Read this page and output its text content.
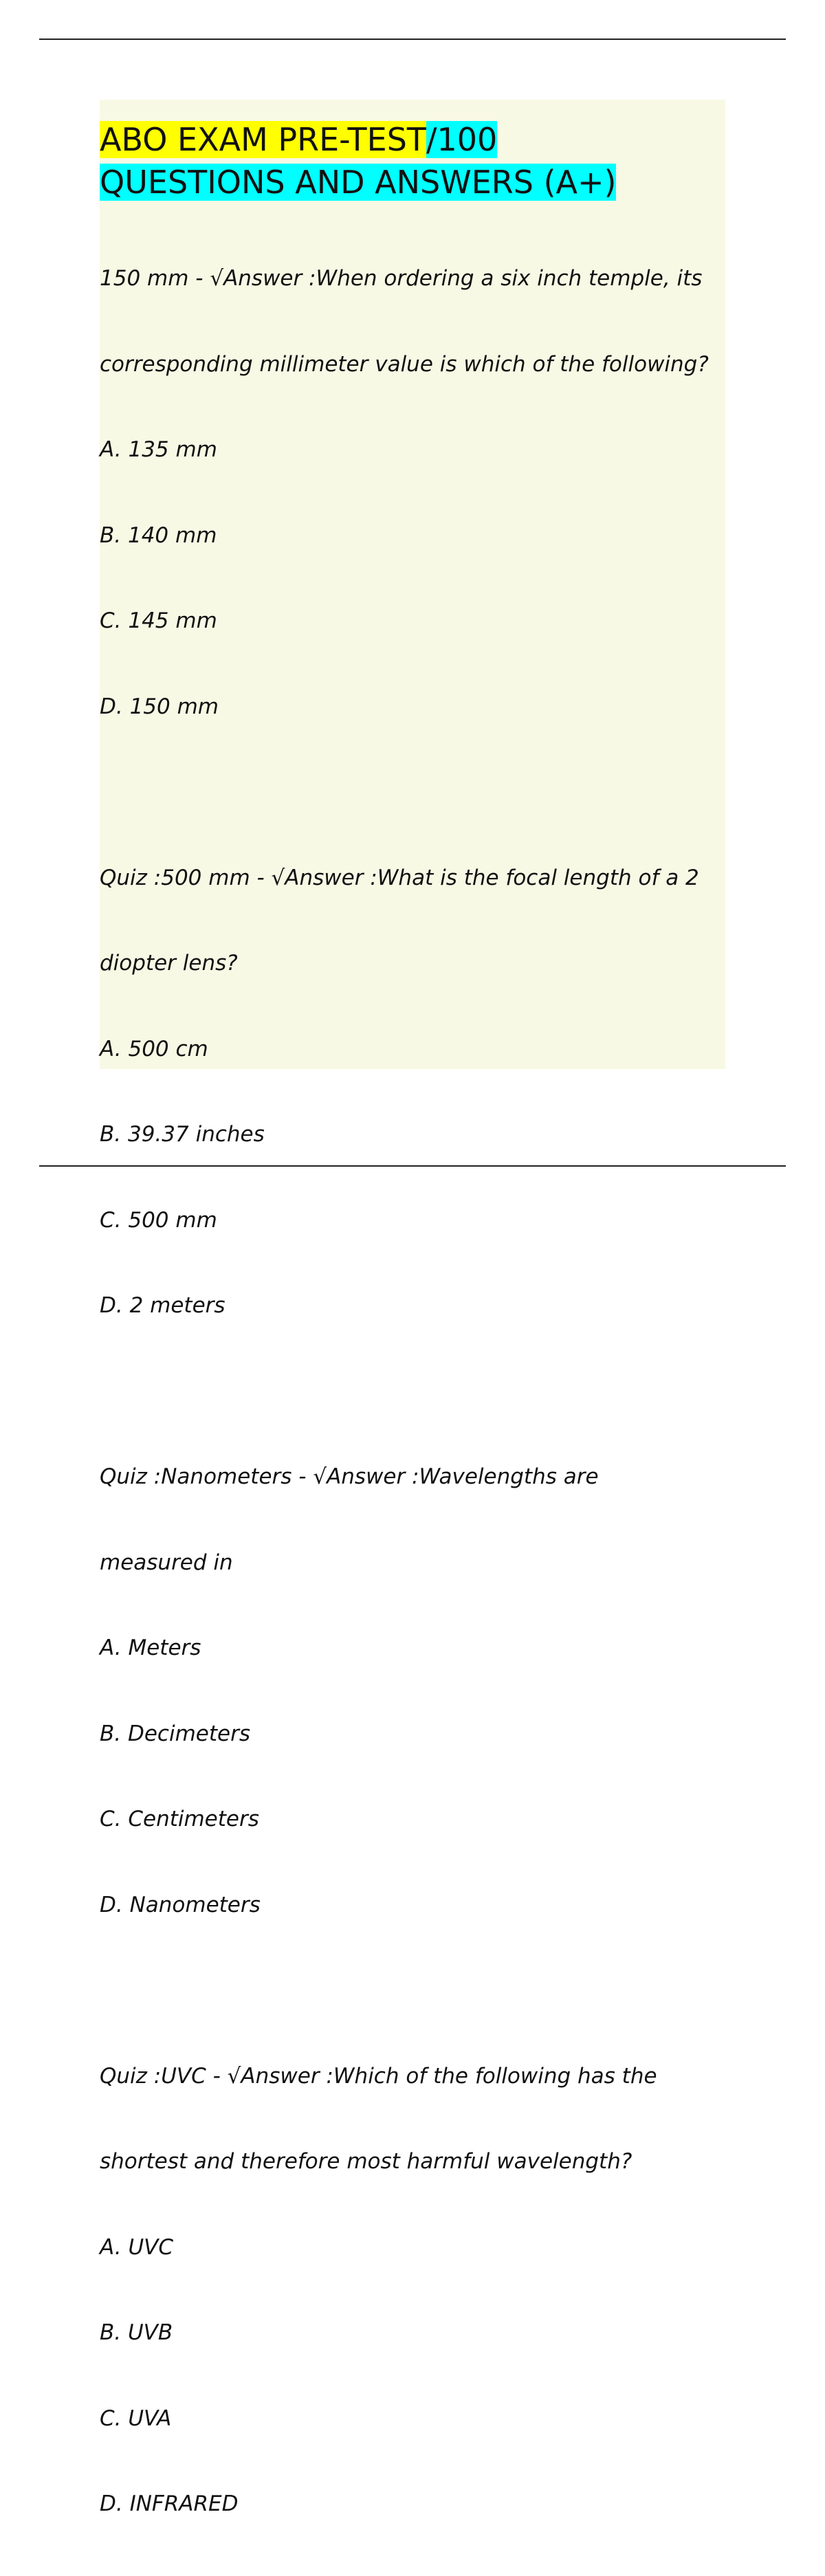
ABO EXAM PRE-TEST/100
QUESTIONS AND ANSWERS (A+)

150 mm - √Answer :When ordering a six inch temple, its

corresponding millimeter value is which of the following?

A. 135 mm

B. 140 mm

C. 145 mm

D. 150 mm

Quiz :500 mm - √Answer :What is the focal length of a 2

diopter lens?

A. 500 cm

B. 39.37 inches

C. 500 mm

D. 2 meters

Quiz :Nanometers - √Answer :Wavelengths are

measured in

A. Meters

B. Decimeters

C. Centimeters

D. Nanometers

Quiz :UVC - √Answer :Which of the following has the

shortest and therefore most harmful wavelength?

A. UVC

B. UVB

C. UVA

D. INFRARED
